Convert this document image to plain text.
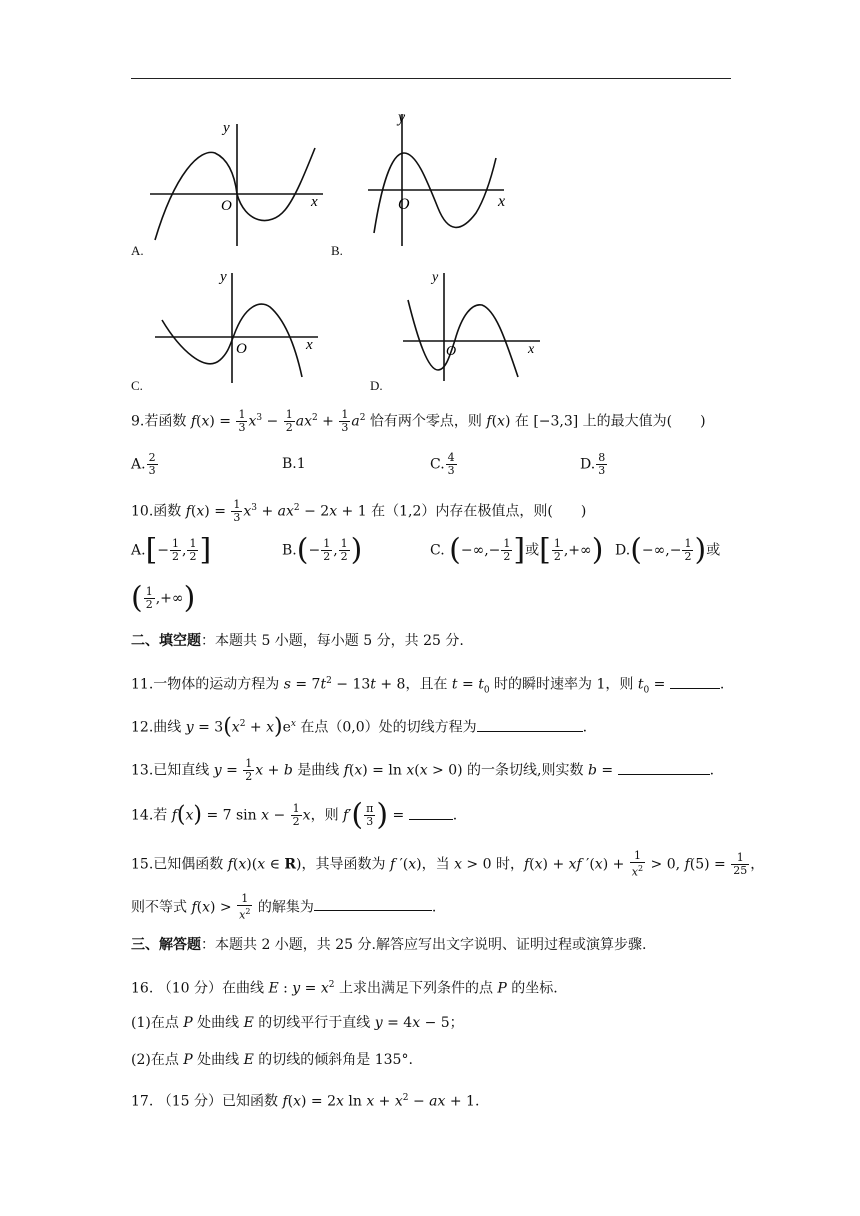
y
x
O
A.
y
x
O
B.
y
x
O
C.
y
x
O
D.
9.若函数 $f(x) = \frac{1}{3} x^3 - \frac{1}{2} ax^2 + \frac{1}{3} a^2$ 恰有两个零点，则 f(x) 在 [−3,3] 上的最大值为(　　)
A. $\frac{2}{3}$	B.1	C. $\frac{4}{3}$	D. $\frac{8}{3}$
10.函数 $f(x) = \frac{1}{3} x^3 + ax^2 - 2x + 1$ 在（1,2）内存在极值点，则(　　)
$A.[- \frac{1}{2}$ , $\frac{1}{2}$ ]	$B.(- \frac{1}{2}$ , $\frac{1}{2}$ )	C. (−∞,− $\frac{1}{2}$ ]或[ $\frac{1}{2}$ ,+∞) $D.(-\infty,- \frac{1}{2}$ )或
( $\frac{1}{2}$ ,+∞)
二、填空题：本题共 5 小题，每小题 5 分，共 25 分.
11.一物体的运动方程为 $s = 7t^2 - 13t + 8$，且在 $t = t_0$ 时的瞬时速率为 1，则 $t_0$ =	.
12.曲线 $y = 3(x^2 + x)e^x$ 在点（0,0）处的切线方程为	.
13.已知直线 $y = \frac{1}{2}$ x + b 是曲线 f(x) = ln x(x > 0) 的一条切线,则实数 b =	.
14.若 f(x) = 7 $\sin x - \frac{1}{2}$ x，则 $f'( \frac{\pi}{3}$ ) =	.
15.已知偶函数 f(x)(x ∈ R)，其导函数为 f ′(x)，当 x > 0 时，f(x) + xf $'(x) + \frac{1}{x^2} > 0$, $f(5) = \frac{1}{25}$ ，
则不等式 $f(x) > \frac{1}{x^2}$ 的解集为	.
三、解答题：本题共 2 小题，共 25 分.解答应写出文字说明、证明过程或演算步骤.
16. （10 分）在曲线 E : $y = x^2$ 上求出满足下列条件的点 P 的坐标.
(1)在点 P 处曲线 E 的切线平行于直线 y = 4x − 5；
(2)在点 P 处曲线 E 的切线的倾斜角是 135°.
17. （15 分）已知函数 f(x) = 2x $\ln x + x^2$ − ax + 1.
